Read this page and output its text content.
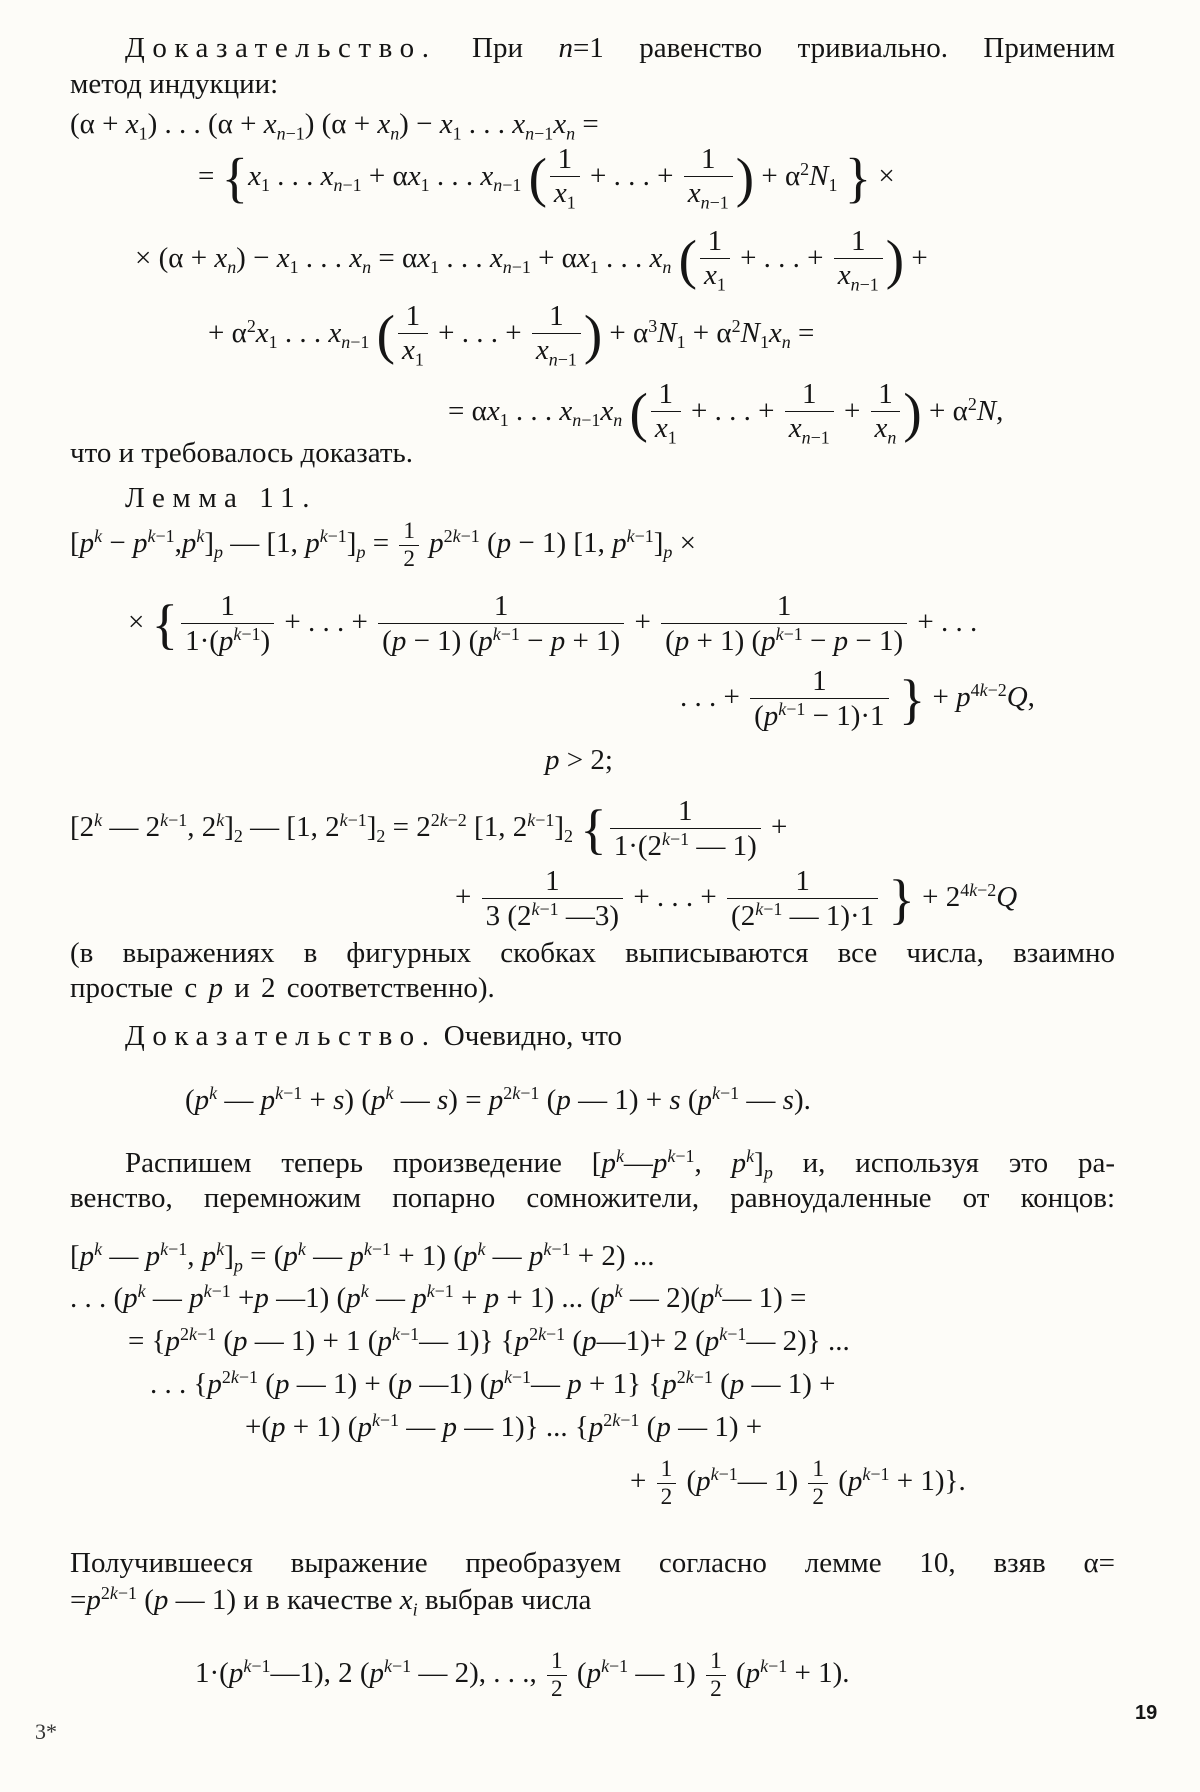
Доказательство. При n=1 равенство тривиально. Применим
метод индукции:
$(\alpha + x_1)$ . . . $(\alpha + x_{n-1})$ $(\alpha + x_n) - x_1$ . . . $x_{n-1}x_n$ =
= {$x_1$ . . . $x_{n-1} + \alpha x_1$ . . . $x_{n-1}$ ( $\frac{1}{x_1}$ + . . . + $\frac{1}{x_{n-1}}$ ) + $\alpha^2N_1$ } ×
× $(\alpha + x_n) - x_1$ . . . $x_n = \alpha x_1$ . . . $x_{n-1} + \alpha x_1$ . . . $x_n$ ( $\frac{1}{x_1}$ + . . . + $\frac{1}{x_{n-1}}$ ) +
+ $\alpha^2x_1$ . . . $x_{n-1}$ ( $\frac{1}{x_1}$ + . . . + $\frac{1}{x_{n-1}}$ ) + $\alpha^3N_1 + \alpha^2N_1x_n$ =
= $\alpha x_1$ . . . $x_{n-1}x_n$ ( $\frac{1}{x_1}$ + . . . + $\frac{1}{x_{n-1}} + \frac{1}{x_n}$ ) + $\alpha^2N$,
что и требовалось доказать.
Лемма 11.
$[p^k - p^{k-1},p^k]_p$ — [1, $p^{k-1}]_p = \frac{1}{2} p^{2k-1}$ (p − 1) [1, $p^{k-1}]_p$ ×
× { $\frac{1}{1\cdot(p^{k-1})}$ + . . . + $\frac{1}{(p - 1) (p^{k-1} - p + 1)} + \frac{1}{(p + 1) (p^{k-1} - p - 1)}$ + . . .
. . . + $\frac{1}{(p^{k-1} - 1)\cdot 1}$ } + $p^{4k-2}Q$,
p > 2;
[2$^k$ — $2^{k-1}$, $2^k]_2$ — [1, $2^{k-1}]_2 = 2^{2k-2}$ [1, $2^{k-1}]_2$ { $\frac{1}{1\cdot(2^{k-1} — 1)}$ +
+ $\frac{1}{3 (2^{k-1} —3)}$ + . . . + $\frac{1}{(2^{k-1} — 1)\cdot 1}$ } + $2^{4k-2}Q$
(в выражениях в фигурных скобках выписываются все числа, взаимно
простые с p и 2 соответственно).
Доказательство. Очевидно, что
($p^k$ — $p^{k-1} + s$) ($p^k$ — $s) = p^{2k-1}$ (p — 1) + s ($p^{k-1}$ — s).
Распишем теперь произведение [$p^k—p^{k-1}$, $p^k]_p$ и, используя это ра-
венство, перемножим попарно сомножители, равноудаленные от концов:
[$p^k$ — $p^{k-1}$, $p^k]_p = (p^k$ — $p^{k-1} + 1$) ($p^k$ — $p^{k-1} + 2$) ...
. . . ($p^k$ — $p^{k-1} +p$ —1) ($p^k$ — $p^{k-1} + p + 1$) ... ($p^k$ — $2)(p^k—$ 1) =
= {$p^{2k-1}$ (p — 1) + 1 ($p^{k-1}—$ 1)} {$p^{2k-1}$ (p—1)+ 2 ($p^{k-1}—$ 2)} ...
. . . {$p^{2k-1}$ (p — 1) + (p —1) ($p^{k-1}—$ p + 1} {$p^{2k-1}$ (p — 1) +
+(p + 1) ($p^{k-1}$ — p — 1)} ... {$p^{2k-1}$ (p — 1) +
+ $\frac{1}{2}$ ($p^{k-1}—$ $1) \frac{1}{2} (p^{k-1} + 1)$}.
Получившееся выражение преобразуем согласно лемме 10, взяв α=
$=p^{2k-1}$ (p — 1) и в качестве $x_i$ выбрав числа
$1\cdot(p^{k-1}—1)$, 2 ($p^{k-1}$ — 2), . . ., $\frac{1}{2} (p^{k-1}$ — $1) \frac{1}{2} (p^{k-1} + 1)$.
19
3*
